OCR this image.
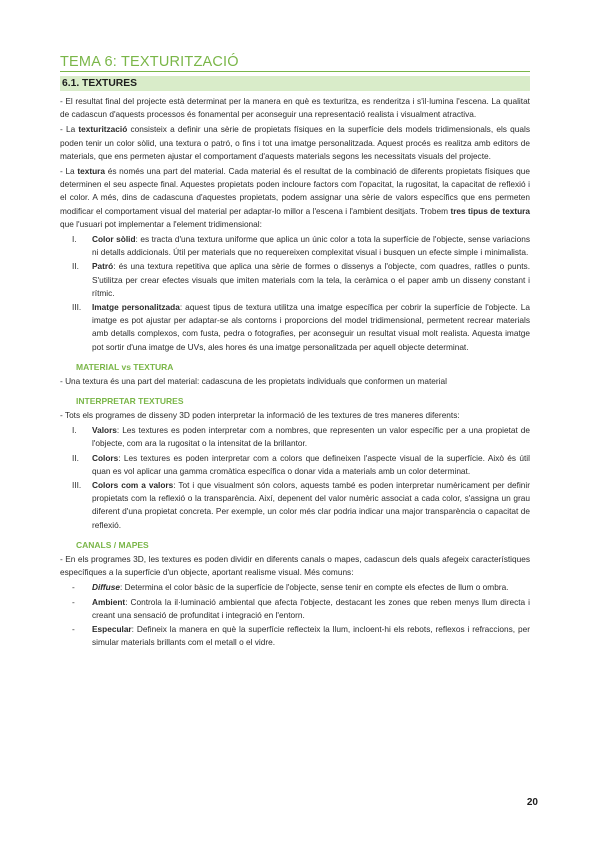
TEMA 6: TEXTURITZACIÓ
6.1. TEXTURES

- El resultat final del projecte està determinat per la manera en què es texturitza, es renderitza i s'il·lumina l'escena. La qualitat de cadascun d'aquests processos és fonamental per aconseguir una representació realista i visualment atractiva.

- La texturització consisteix a definir una sèrie de propietats físiques en la superfície dels models tridimensionals, els quals poden tenir un color sòlid, una textura o patró, o fins i tot una imatge personalitzada. Aquest procés es realitza amb editors de materials, que ens permeten ajustar el comportament d'aquests materials segons les necessitats visuals del projecte.

- La textura és només una part del material. Cada material és el resultat de la combinació de diferents propietats físiques que determinen el seu aspecte final. Aquestes propietats poden incloure factors com l'opacitat, la rugositat, la capacitat de reflexió i el color. A més, dins de cadascuna d'aquestes propietats, podem assignar una sèrie de valors específics que ens permeten modificar el comportament visual del material per adaptar-lo millor a l'escena i l'ambient desitjats. Trobem tres tipus de textura que l'usuari pot implementar a l'element tridimensional:

I.	Color sòlid: es tracta d'una textura uniforme que aplica un únic color a tota la superfície de l'objecte, sense variacions ni detalls addicionals. Útil per materials que no requereixen complexitat visual i busquen un efecte simple i minimalista.
II.	Patró: és una textura repetitiva que aplica una sèrie de formes o dissenys a l'objecte, com quadres, ratlles o punts. S'utilitza per crear efectes visuals que imiten materials com la tela, la ceràmica o el paper amb un disseny constant i rítmic.
III.	Imatge personalitzada: aquest tipus de textura utilitza una imatge específica per cobrir la superfície de l'objecte. La imatge es pot ajustar per adaptar-se als contorns i proporcions del model tridimensional, permetent recrear materials amb detalls complexos, com fusta, pedra o fotografies, per aconseguir un resultat visual molt realista. Aquesta imatge pot sortir d'una imatge de UVs, ales hores és una imatge personalitzada per aquell objecte determinat.
MATERIAL vs TEXTURA

- Una textura és una part del material: cadascuna de les propietats individuals que conformen un material

INTERPRETAR TEXTURES

- Tots els programes de disseny 3D poden interpretar la informació de les textures de tres maneres diferents:

I.	Valors: Les textures es poden interpretar com a nombres, que representen un valor específic per a una propietat de l'objecte, com ara la rugositat o la intensitat de la brillantor.
II.	Colors: Les textures es poden interpretar com a colors que defineixen l'aspecte visual de la superfície. Això és útil quan es vol aplicar una gamma cromàtica específica o donar vida a materials amb un color determinat.
III.	Colors com a valors: Tot i que visualment són colors, aquests també es poden interpretar numèricament per definir propietats com la reflexió o la transparència. Així, depenent del valor numèric associat a cada color, s'assigna un grau diferent d'una propietat concreta. Per exemple, un color més clar podria indicar una major transparència o capacitat de reflexió.
CANALS / MAPES

- En els programes 3D, les textures es poden dividir en diferents canals o mapes, cadascun dels quals afegeix característiques específiques a la superfície d'un objecte, aportant realisme visual. Més comuns:

-	Diffuse: Determina el color bàsic de la superfície de l'objecte, sense tenir en compte els efectes de llum o ombra.
-	Ambient: Controla la il·luminació ambiental que afecta l'objecte, destacant les zones que reben menys llum directa i creant una sensació de profunditat i integració en l'entorn.
-	Especular: Defineix la manera en què la superfície reflecteix la llum, incloent-hi els rebots, reflexos i refraccions, per simular materials brillants com el metall o el vidre.
20
